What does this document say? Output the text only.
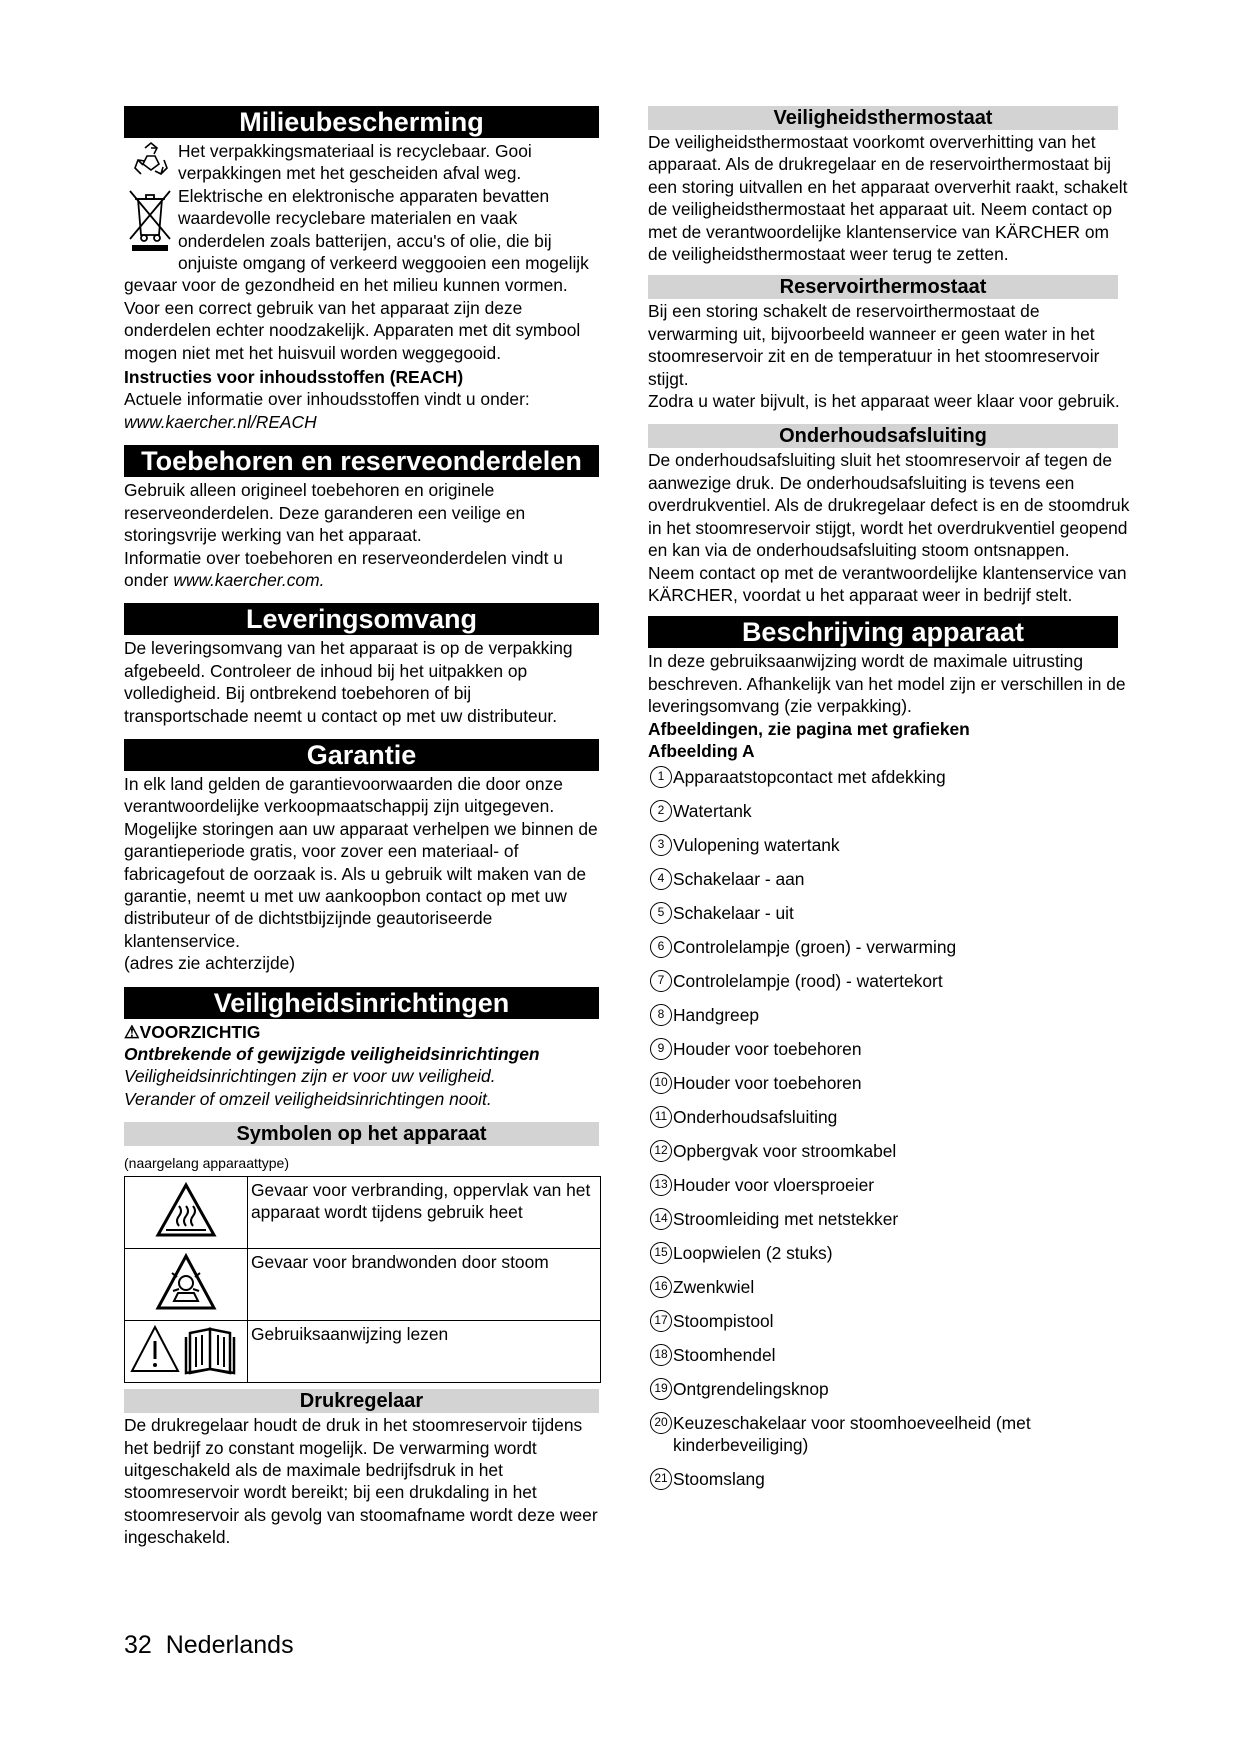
Milieubescherming

Het verpakkingsmateriaal is recyclebaar. Gooi verpakkingen met het gescheiden afval weg.

Elektrische en elektronische apparaten bevatten waardevolle recyclebare materialen en vaak onderdelen zoals batterijen, accu's of olie, die bij onjuiste omgang of verkeerd weggooien een mogelijk gevaar voor de gezondheid en het milieu kunnen vormen. Voor een correct gebruik van het apparaat zijn deze onderdelen echter noodzakelijk. Apparaten met dit symbool mogen niet met het huisvuil worden weggegooid.

Instructies voor inhoudsstoffen (REACH)

Actuele informatie over inhoudsstoffen vindt u onder:

www.kaercher.nl/REACH

Toebehoren en reserveonderdelen

Gebruik alleen origineel toebehoren en originele reserveonderdelen. Deze garanderen een veilige en storingsvrije werking van het apparaat.

Informatie over toebehoren en reserveonderdelen vindt u onder www.kaercher.com.

Leveringsomvang

De leveringsomvang van het apparaat is op de verpakking afgebeeld. Controleer de inhoud bij het uitpakken op volledigheid. Bij ontbrekend toebehoren of bij transportschade neemt u contact op met uw distributeur.

Garantie

In elk land gelden de garantievoorwaarden die door onze verantwoordelijke verkoopmaatschappij zijn uitgegeven. Mogelijke storingen aan uw apparaat verhelpen we binnen de garantieperiode gratis, voor zover een materiaal- of fabricagefout de oorzaak is. Als u gebruik wilt maken van de garantie, neemt u met uw aankoopbon contact op met uw distributeur of de dichtstbijzijnde geautoriseerde klantenservice.

(adres zie achterzijde)

Veiligheidsinrichtingen

⚠VOORZICHTIG

Ontbrekende of gewijzigde veiligheidsinrichtingen

Veiligheidsinrichtingen zijn er voor uw veiligheid.

Verander of omzeil veiligheidsinrichtingen nooit.

Symbolen op het apparaat

(naargelang apparaattype)

	Gevaar voor verbranding, oppervlak van het apparaat wordt tijdens gebruik heet
	Gevaar voor brandwonden door stoom
	Gebruiksaanwijzing lezen
Drukregelaar

De drukregelaar houdt de druk in het stoomreservoir tijdens het bedrijf zo constant mogelijk. De verwarming wordt uitgeschakeld als de maximale bedrijfsdruk in het stoomreservoir wordt bereikt; bij een drukdaling in het stoomreservoir als gevolg van stoomafname wordt deze weer ingeschakeld.

Veiligheidsthermostaat

De veiligheidsthermostaat voorkomt oververhitting van het apparaat. Als de drukregelaar en de reservoirthermostaat bij een storing uitvallen en het apparaat oververhit raakt, schakelt de veiligheidsthermostaat het apparaat uit. Neem contact op met de verantwoordelijke klantenservice van KÄRCHER om de veiligheidsthermostaat weer terug te zetten.

Reservoirthermostaat

Bij een storing schakelt de reservoirthermostaat de verwarming uit, bijvoorbeeld wanneer er geen water in het stoomreservoir zit en de temperatuur in het stoomreservoir stijgt.

Zodra u water bijvult, is het apparaat weer klaar voor gebruik.

Onderhoudsafsluiting

De onderhoudsafsluiting sluit het stoomreservoir af tegen de aanwezige druk. De onderhoudsafsluiting is tevens een overdrukventiel. Als de drukregelaar defect is en de stoomdruk in het stoomreservoir stijgt, wordt het overdrukventiel geopend en kan via de onderhoudsafsluiting stoom ontsnappen.

Neem contact op met de verantwoordelijke klantenservice van KÄRCHER, voordat u het apparaat weer in bedrijf stelt.

Beschrijving apparaat

In deze gebruiksaanwijzing wordt de maximale uitrusting beschreven. Afhankelijk van het model zijn er verschillen in de leveringsomvang (zie verpakking).

Afbeeldingen, zie pagina met grafieken

Afbeelding A

1 Apparaatstopcontact met afdekking
2 Watertank
3 Vulopening watertank
4 Schakelaar - aan
5 Schakelaar - uit
6 Controlelampje (groen) - verwarming
7 Controlelampje (rood) - watertekort
8 Handgreep
9 Houder voor toebehoren
10 Houder voor toebehoren
11 Onderhoudsafsluiting
12 Opbergvak voor stroomkabel
13 Houder voor vloersproeier
14 Stroomleiding met netstekker
15 Loopwielen (2 stuks)
16 Zwenkwiel
17 Stoompistool
18 Stoomhendel
19 Ontgrendelingsknop
20 Keuzeschakelaar voor stoomhoeveelheid (met kinderbeveiliging)
21 Stoomslang
32 Nederlands
